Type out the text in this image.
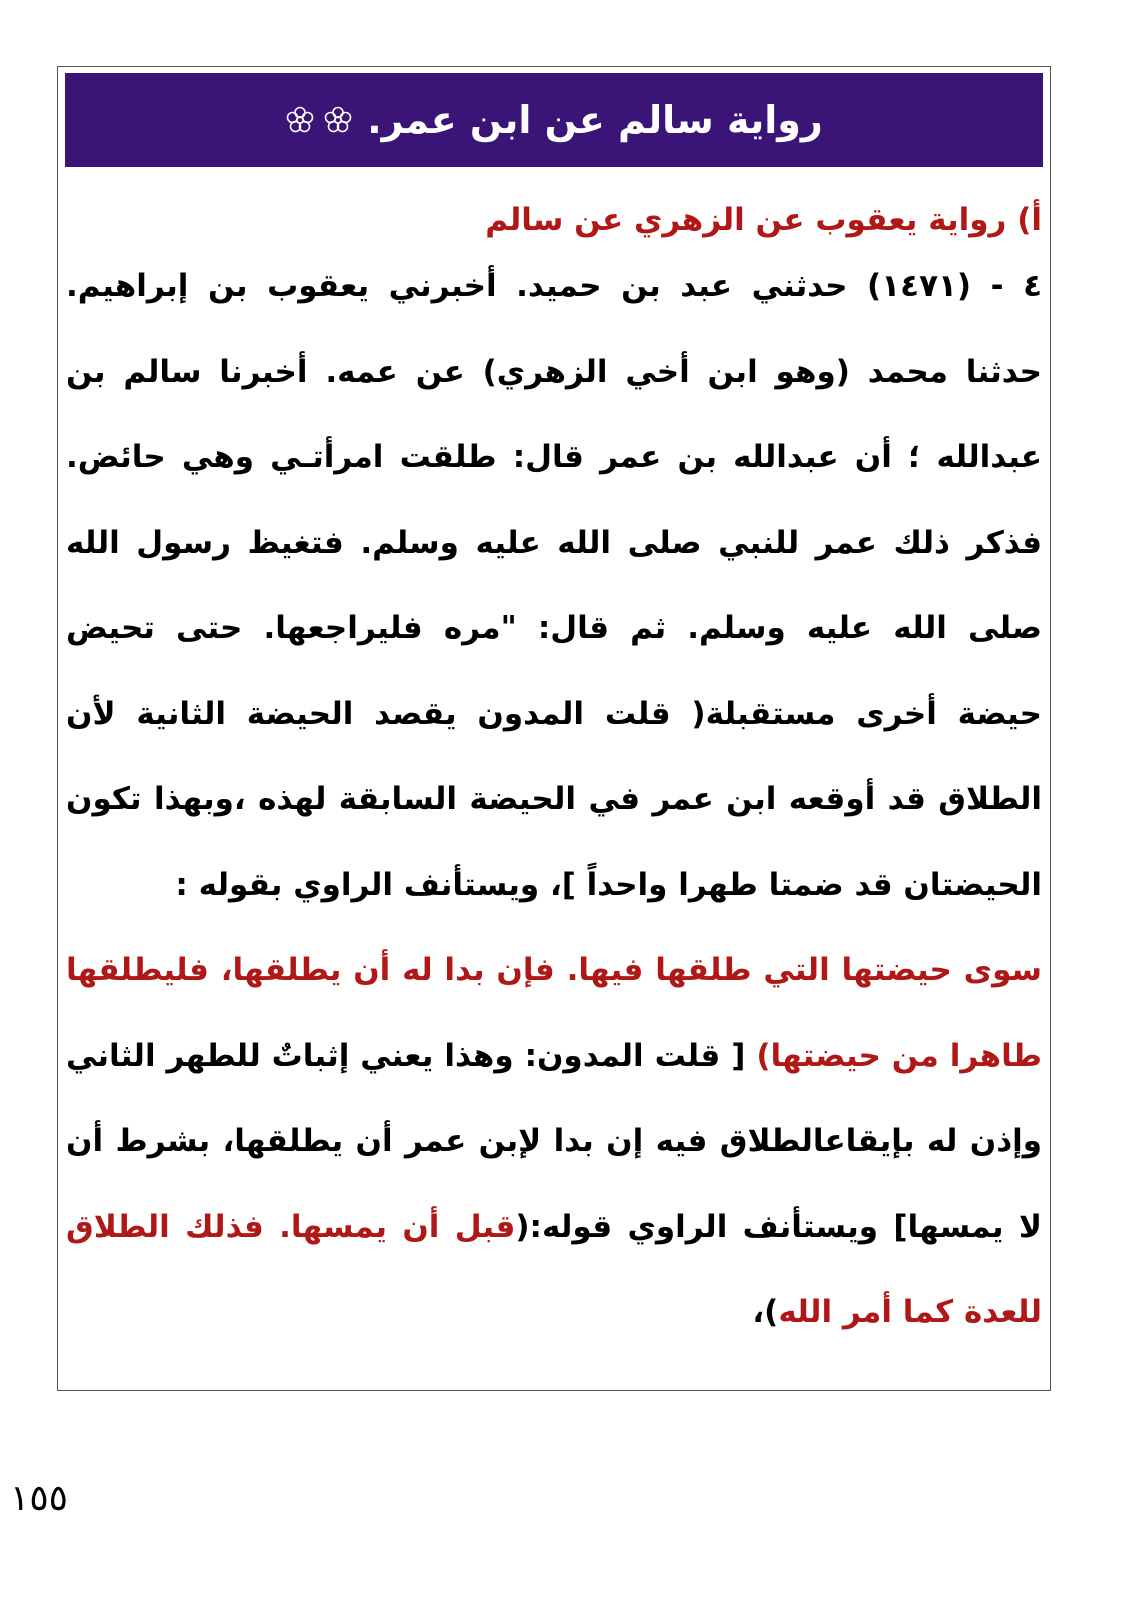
روایة سالم عن ابن عمر.
أ) روایة یعقوب عن الزهري عن سالم
٤ - (١٤٧١) حدثني عبد بن حمید. أخبرني یعقوب بن إبراهیم.
حدثنا محمد (وهو ابن أخي الزهري) عن عمه. أخبرنا سالم بن
عبدالله ؛ أن عبدالله بن عمر قال: طلقت امرأتـي وهي حائض.
فذكر ذلك عمر للنبي صلى الله علیه وسلم. فتغیظ رسول الله
صلى الله علیه وسلم. ثم قال: "مره فلیراجعها. حتى تحیض
حیضة أخرى مستقبلة( قلت المدون یقصد الحیضة الثانیة لأن
الطلاق قد أوقعه ابن عمر في الحیضة السابقة لهذه ،وبهذا تكون
الحیضتان قد ضمتا طهرا واحداً ]، ویستأنف الراوي بقوله :
سوى حیضتها التي طلقها فیها. فإن بدا له أن یطلقها، فلیطلقها
طاهرا من حیضتها) [ قلت المدون: وهذا یعني إثباتٌ للطهر الثاني
وإذن له بإیقاعالطلاق فیه إن بدا لإبن عمر أن یطلقها، بشرط أن
لا یمسها] ویستأنف الراوي قوله:(قبل أن یمسها. فذلك الطلاق
للعدة كما أمر الله)،
١٥٥
